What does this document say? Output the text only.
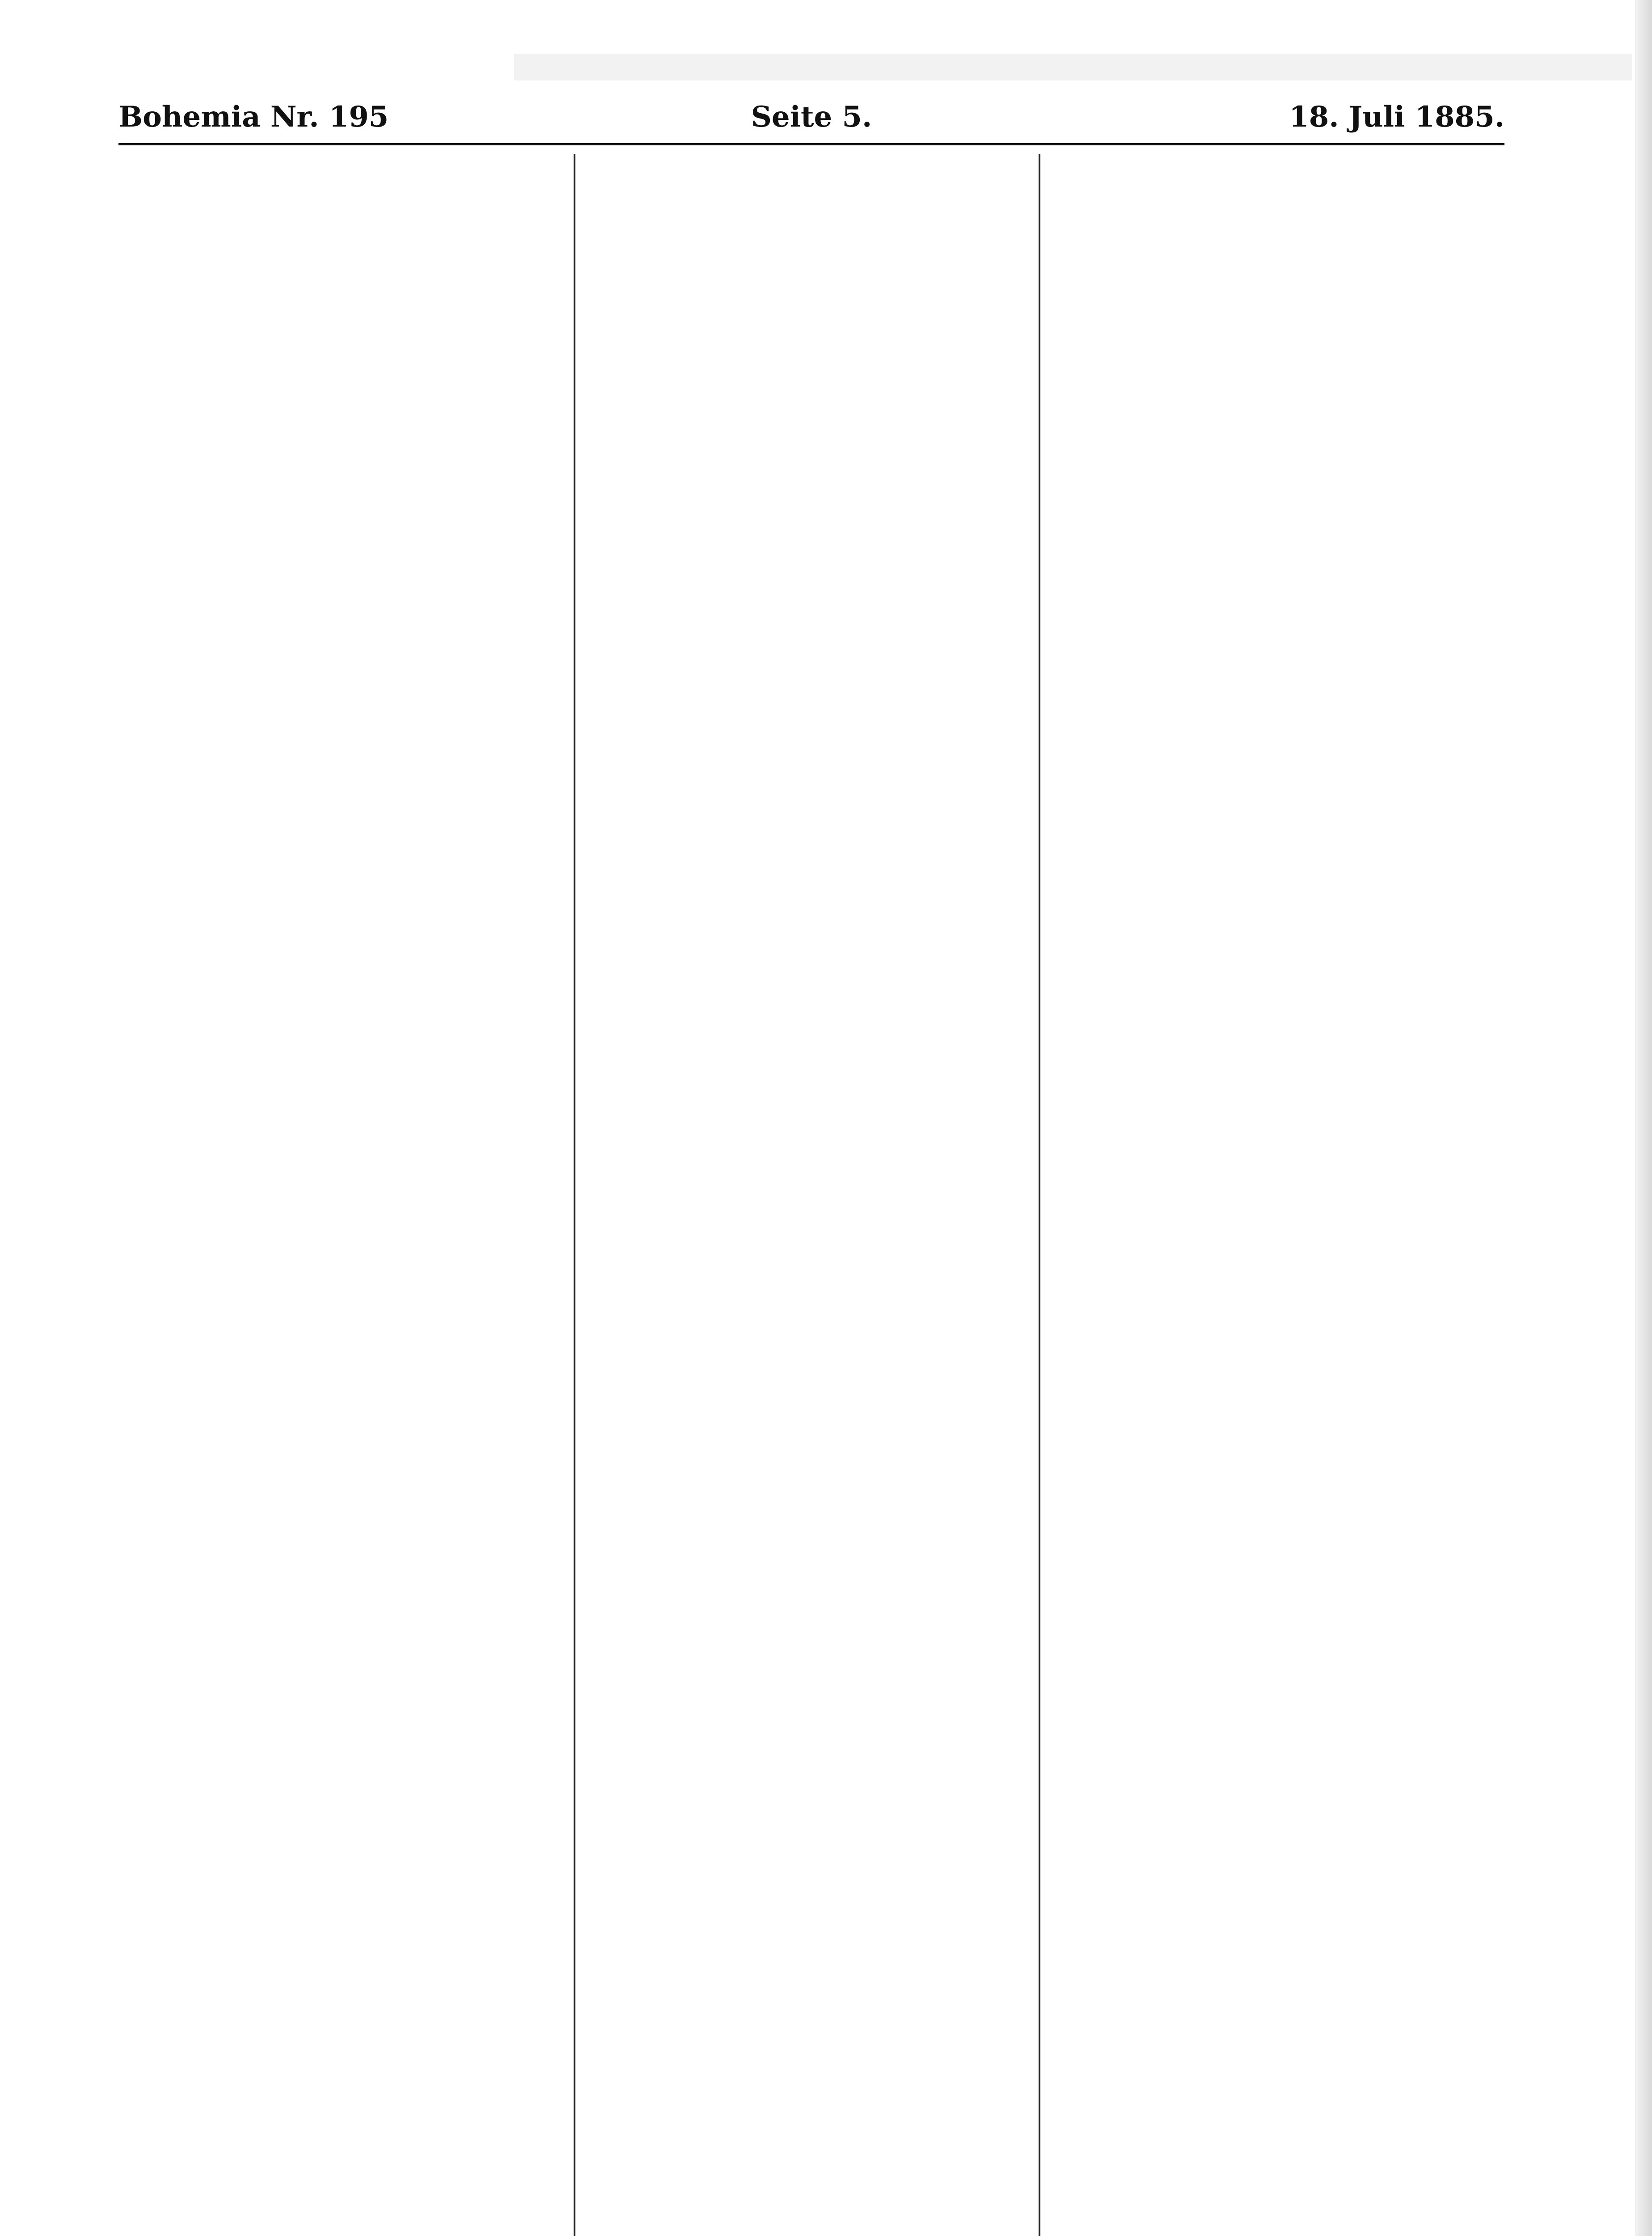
Bohemia Nr. 195	Seite 5.	18. Juli 1885.
